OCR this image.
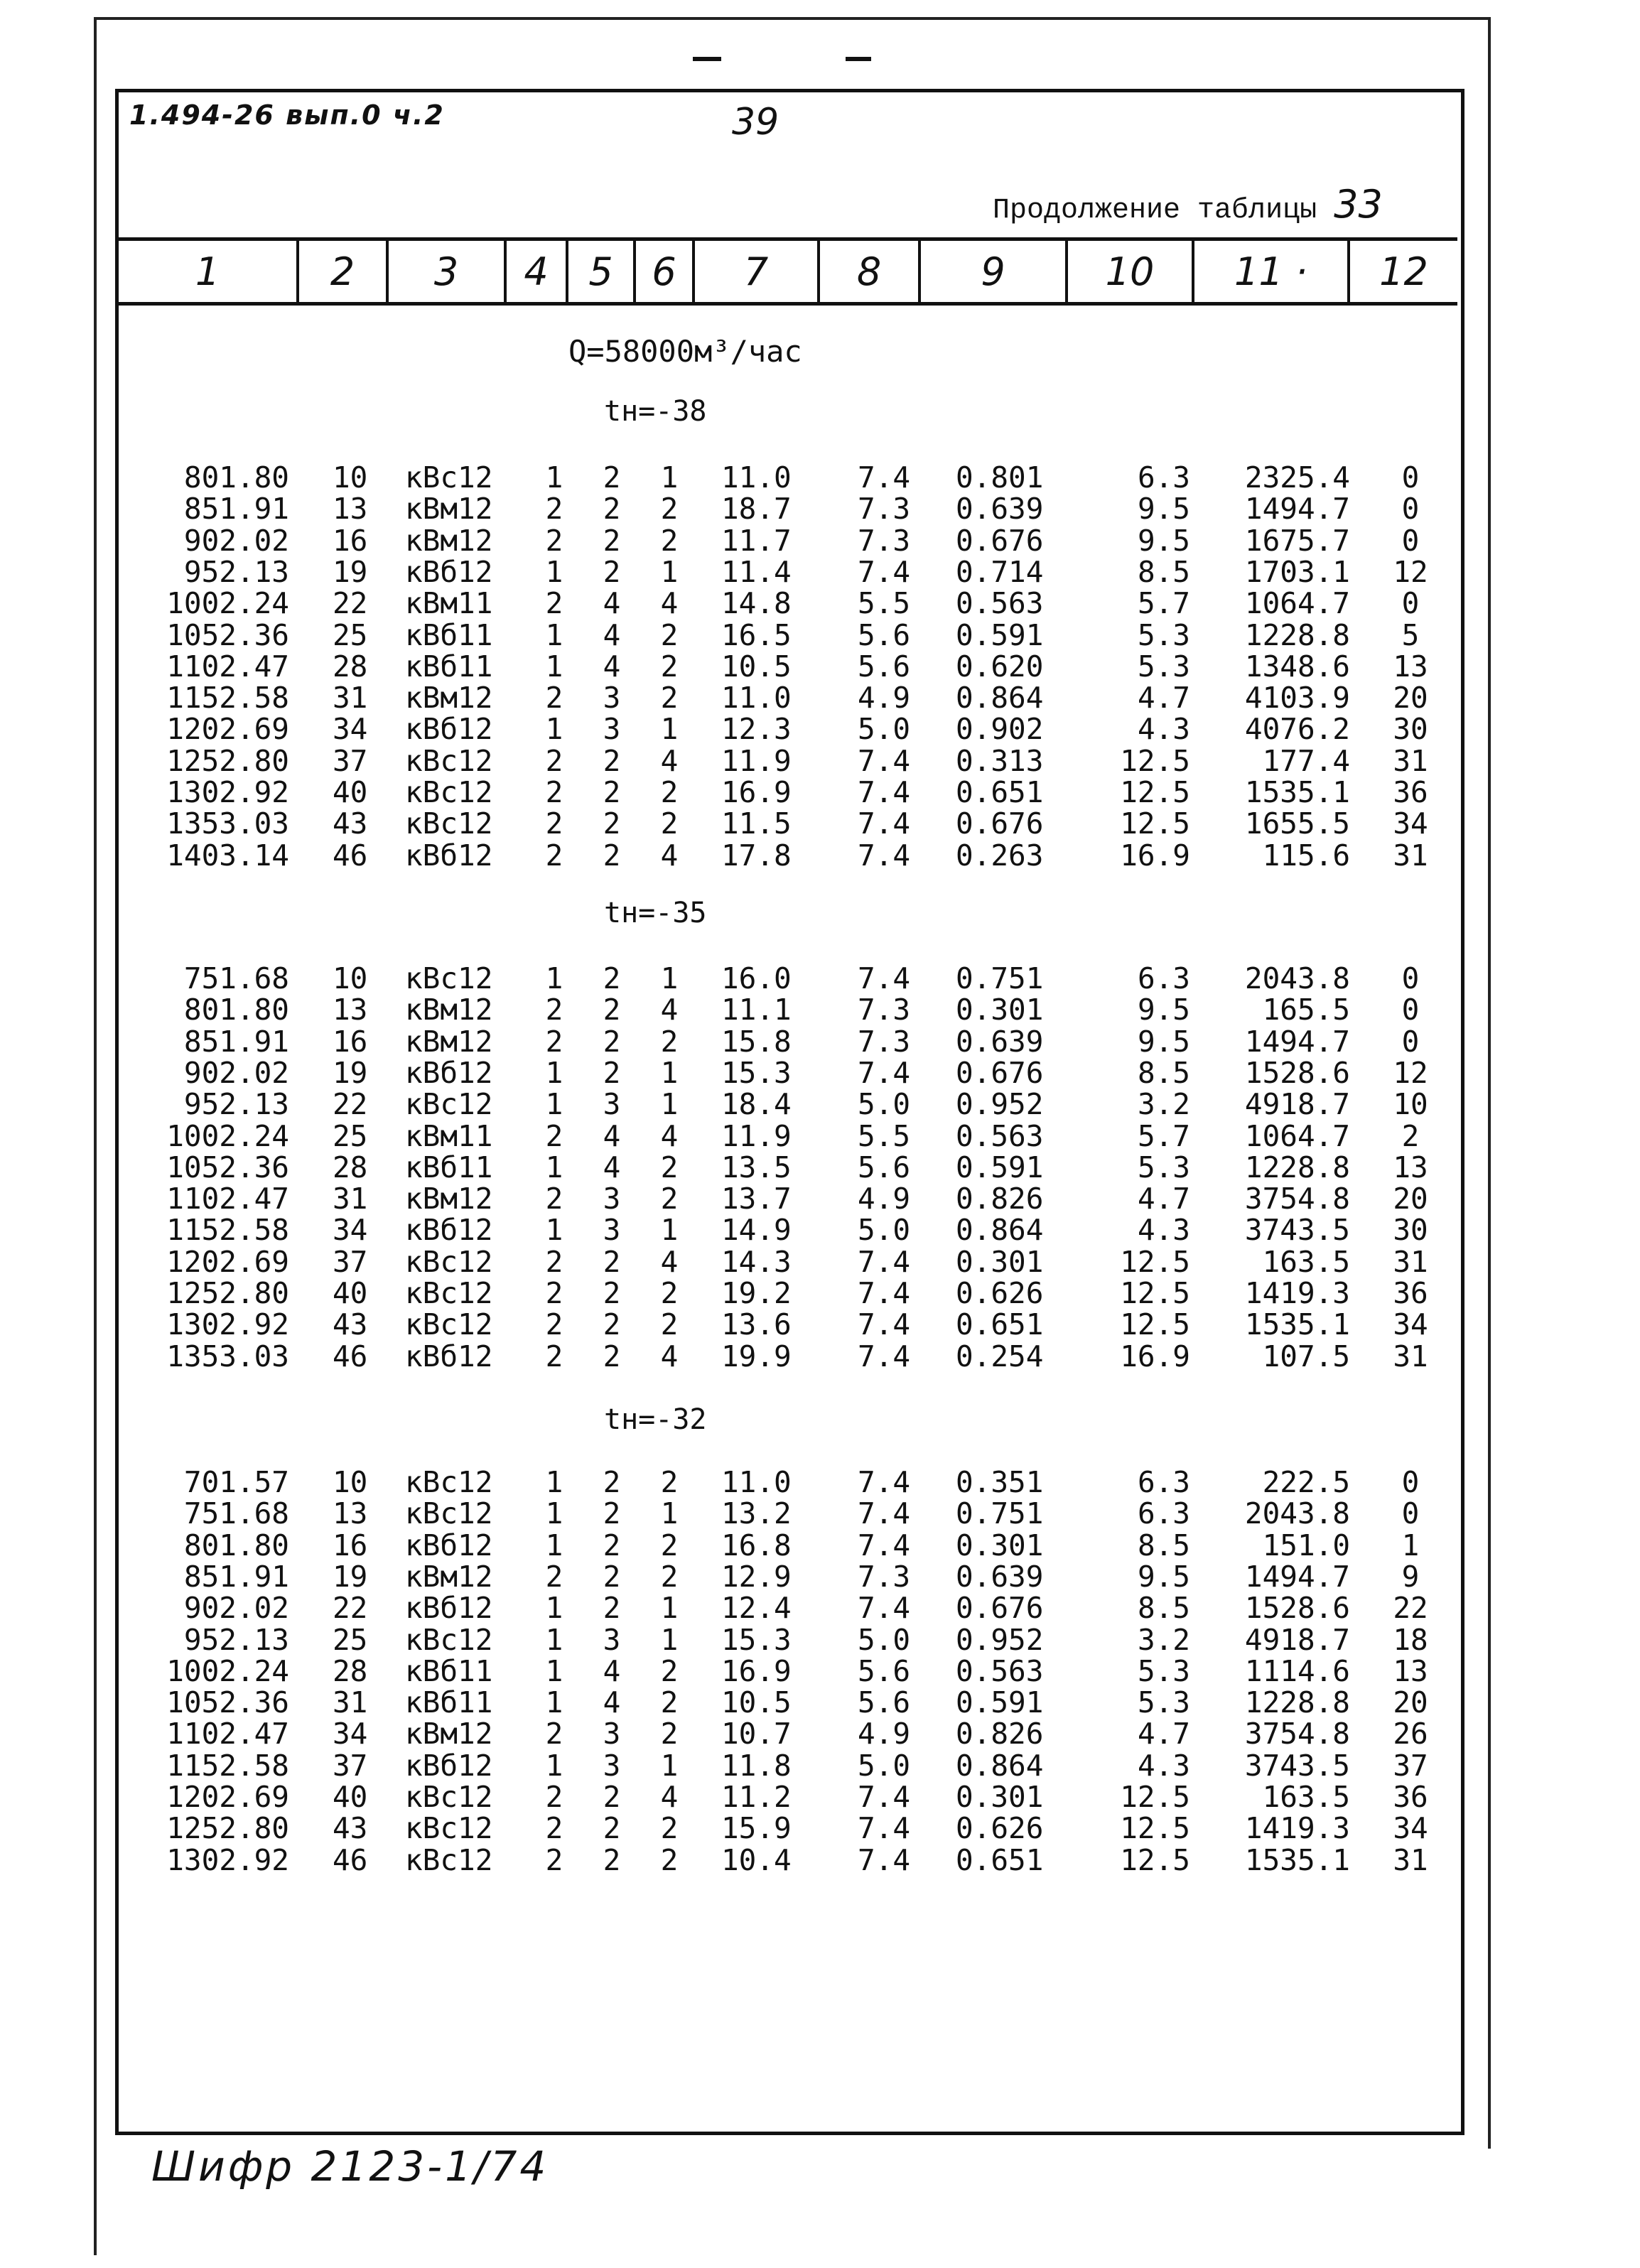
1.494-26 вып.0 ч.2	39
Продолжение таблицы 33
1	2	3	4	5	6	7	8	9	10	11 ·	12
Q=58000м³/час
tн=-38
801.80 10 кВс12	1	2	1	11.0 7.4 0.801	6.3 2325.4	0
851.91 13 кВм12	2	2	2	18.7 7.3 0.639	9.5 1494.7	0
902.02 16 кВм12	2	2	2	11.7 7.3 0.676	9.5 1675.7	0
952.13 19 кВб12	1	2	1	11.4 7.4 0.714	8.5 1703.1	12
1002.24 22 кВм11	2	4	4	14.8 5.5 0.563	5.7 1064.7	0
1052.36 25 кВб11	1	4	2	16.5 5.6 0.591	5.3 1228.8	5
1102.47 28 кВб11	1	4	2	10.5 5.6 0.620	5.3 1348.6	13
1152.58 31 кВм12	2	3	2	11.0 4.9 0.864	4.7 4103.9	20
1202.69 34 кВб12	1	3	1	12.3 5.0 0.902	4.3 4076.2	30
1252.80 37 кВс12	2	2	4	11.9 7.4 0.313	12.5 177.4	31
1302.92 40 кВс12	2	2	2	16.9 7.4 0.651	12.5 1535.1	36
1353.03 43 кВс12	2	2	2	11.5 7.4 0.676	12.5 1655.5	34
1403.14 46 кВб12	2	2	4	17.8 7.4 0.263	16.9 115.6	31
tн=-35
751.68 10 кВс12	1	2	1	16.0 7.4 0.751	6.3 2043.8	0
801.80 13 кВм12	2	2	4	11.1 7.3 0.301	9.5 165.5	0
851.91 16 кВм12	2	2	2	15.8 7.3 0.639	9.5 1494.7	0
902.02 19 кВб12	1	2	1	15.3 7.4 0.676	8.5 1528.6	12
952.13 22 кВс12	1	3	1	18.4 5.0 0.952	3.2 4918.7	10
1002.24 25 кВм11	2	4	4	11.9 5.5 0.563	5.7 1064.7	2
1052.36 28 кВб11	1	4	2	13.5 5.6 0.591	5.3 1228.8	13
1102.47 31 кВм12	2	3	2	13.7 4.9 0.826	4.7 3754.8	20
1152.58 34 кВб12	1	3	1	14.9 5.0 0.864	4.3 3743.5	30
1202.69 37 кВс12	2	2	4	14.3 7.4 0.301	12.5 163.5	31
1252.80 40 кВс12	2	2	2	19.2 7.4 0.626	12.5 1419.3	36
1302.92 43 кВс12	2	2	2	13.6 7.4 0.651	12.5 1535.1	34
1353.03 46 кВб12	2	2	4	19.9 7.4 0.254	16.9 107.5	31
tн=-32
701.57 10 кВс12	1	2	2	11.0 7.4 0.351	6.3 222.5	0
751.68 13 кВс12	1	2	1	13.2 7.4 0.751	6.3 2043.8	0
801.80 16 кВб12	1	2	2	16.8 7.4 0.301	8.5 151.0	1
851.91 19 кВм12	2	2	2	12.9 7.3 0.639	9.5 1494.7	9
902.02 22 кВб12	1	2	1	12.4 7.4 0.676	8.5 1528.6	22
952.13 25 кВс12	1	3	1	15.3 5.0 0.952	3.2 4918.7	18
1002.24 28 кВб11	1	4	2	16.9 5.6 0.563	5.3 1114.6	13
1052.36 31 кВб11	1	4	2	10.5 5.6 0.591	5.3 1228.8	20
1102.47 34 кВм12	2	3	2	10.7 4.9 0.826	4.7 3754.8	26
1152.58 37 кВб12	1	3	1	11.8 5.0 0.864	4.3 3743.5	37
1202.69 40 кВс12	2	2	4	11.2 7.4 0.301	12.5 163.5	36
1252.80 43 кВс12	2	2	2	15.9 7.4 0.626	12.5 1419.3	34
1302.92 46 кВс12	2	2	2	10.4 7.4 0.651	12.5 1535.1	31
Шифр 2123-1/74
